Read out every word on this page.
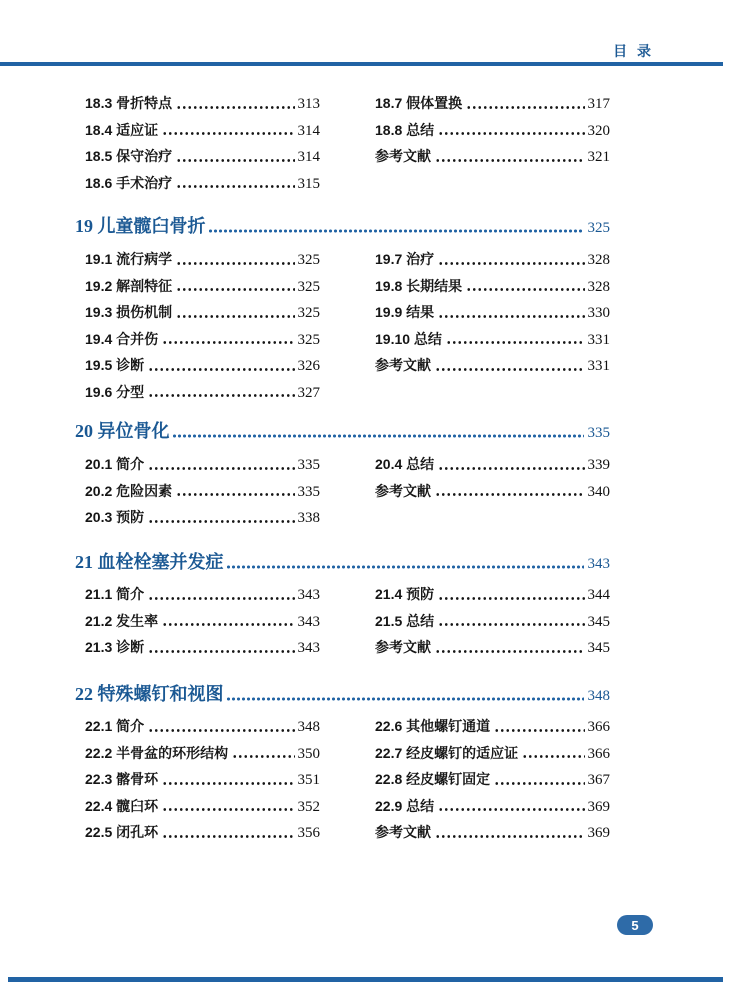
目 录
18.3 骨折特点	313
18.4 适应证	314
18.5 保守治疗	314
18.6 手术治疗	315
18.7 假体置换	317
18.8 总结	320
参考文献	321
19 儿童髋臼骨折	325
19.1 流行病学	325
19.2 解剖特征	325
19.3 损伤机制	325
19.4 合并伤	325
19.5 诊断	326
19.6 分型	327
19.7 治疗	328
19.8 长期结果	328
19.9 结果	330
19.10 总结	331
参考文献	331
20 异位骨化	335
20.1 简介	335
20.2 危险因素	335
20.3 预防	338
20.4 总结	339
参考文献	340
21 血栓栓塞并发症	343
21.1 简介	343
21.2 发生率	343
21.3 诊断	343
21.4 预防	344
21.5 总结	345
参考文献	345
22 特殊螺钉和视图	348
22.1 简介	348
22.2 半骨盆的环形结构	350
22.3 髂骨环	351
22.4 髋臼环	352
22.5 闭孔环	356
22.6 其他螺钉通道	366
22.7 经皮螺钉的适应证	366
22.8 经皮螺钉固定	367
22.9 总结	369
参考文献	369
5
